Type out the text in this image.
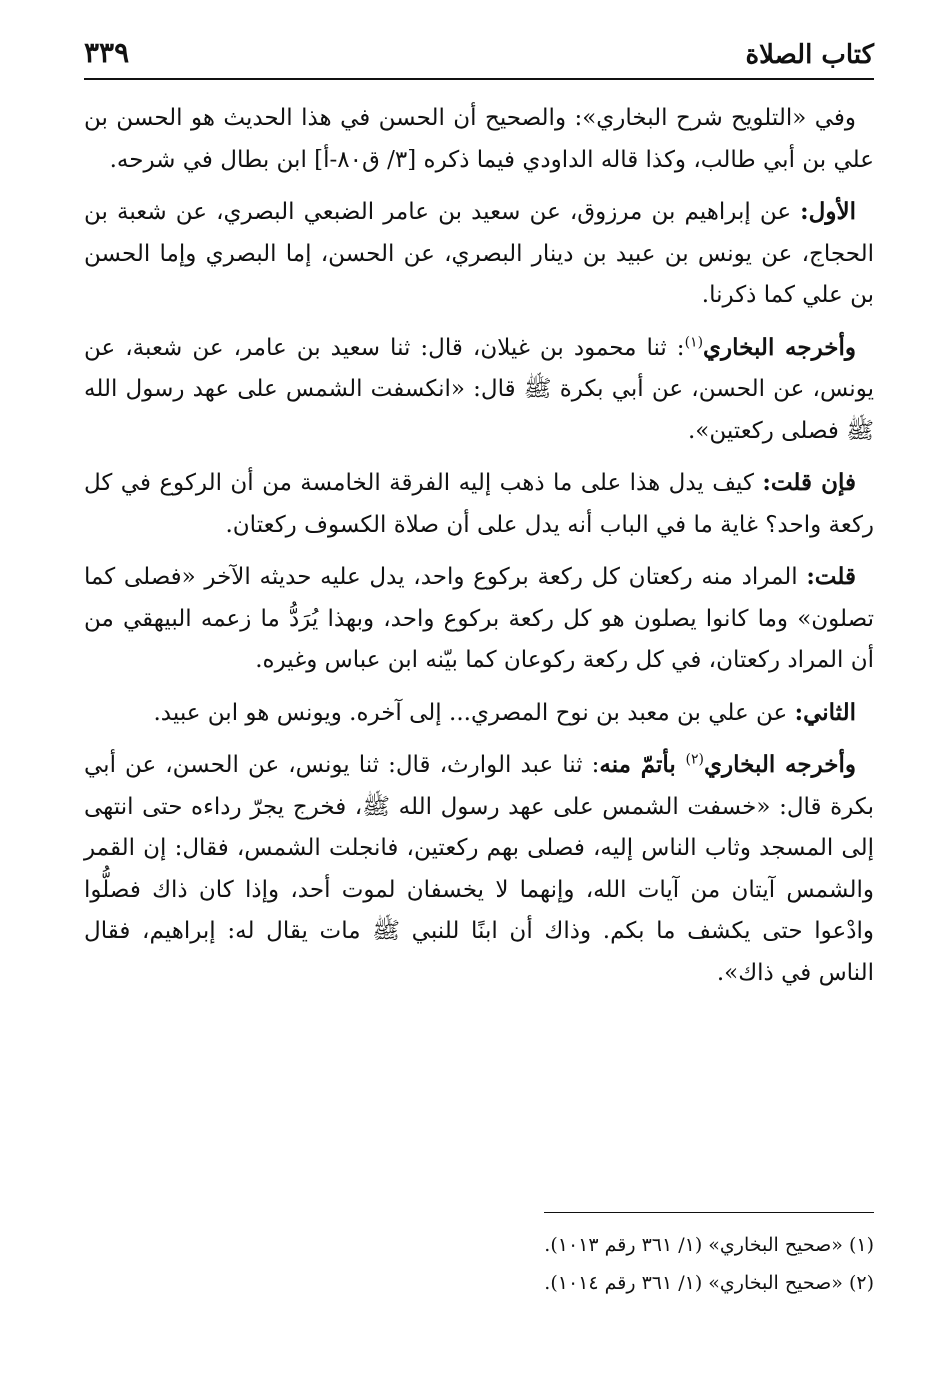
كتاب الصلاة
٣٣٩

وفي «التلويح شرح البخاري»: والصحيح أن الحسن في هذا الحديث هو الحسن بن علي بن أبي طالب، وكذا قاله الداودي فيما ذكره [٣/ ق٨٠-أ] ابن بطال في شرحه.

الأول: عن إبراهيم بن مرزوق، عن سعيد بن عامر الضبعي البصري، عن شعبة بن الحجاج، عن يونس بن عبيد بن دينار البصري، عن الحسن، إما البصري وإما الحسن بن علي كما ذكرنا.

وأخرجه البخاري$^{(١)}$: ثنا محمود بن غيلان، قال: ثنا سعيد بن عامر، عن شعبة، عن يونس، عن الحسن، عن أبي بكرة ﷺ قال: «انكسفت الشمس على عهد رسول الله ﷺ فصلى ركعتين».

فإن قلت: كيف يدل هذا على ما ذهب إليه الفرقة الخامسة من أن الركوع في كل ركعة واحد؟ غاية ما في الباب أنه يدل على أن صلاة الكسوف ركعتان.

قلت: المراد منه ركعتان كل ركعة بركوع واحد، يدل عليه حديثه الآخر «فصلى كما تصلون» وما كانوا يصلون هو كل ركعة بركوع واحد، وبهذا يُرَدُّ ما زعمه البيهقي من أن المراد ركعتان، في كل ركعة ركوعان كما بيّنه ابن عباس وغيره.

الثاني: عن علي بن معبد بن نوح المصري... إلى آخره. ويونس هو ابن عبيد.

وأخرجه البخاري$^{(٢)}$ بأتمّ منه: ثنا عبد الوارث، قال: ثنا يونس، عن الحسن، عن أبي بكرة قال: «خسفت الشمس على عهد رسول الله ﷺ، فخرج يجرّ رداءه حتى انتهى إلى المسجد وثاب الناس إليه، فصلى بهم ركعتين، فانجلت الشمس، فقال: إن القمر والشمس آيتان من آيات الله، وإنهما لا يخسفان لموت أحد، وإذا كان ذاك فصلُّوا وادْعوا حتى يكشف ما بكم. وذاك أن ابنًا للنبي ﷺ مات يقال له: إبراهيم، فقال الناس في ذاك».

(١) «صحيح البخاري» (١/ ٣٦١ رقم ١٠١٣).

(٢) «صحيح البخاري» (١/ ٣٦١ رقم ١٠١٤).
